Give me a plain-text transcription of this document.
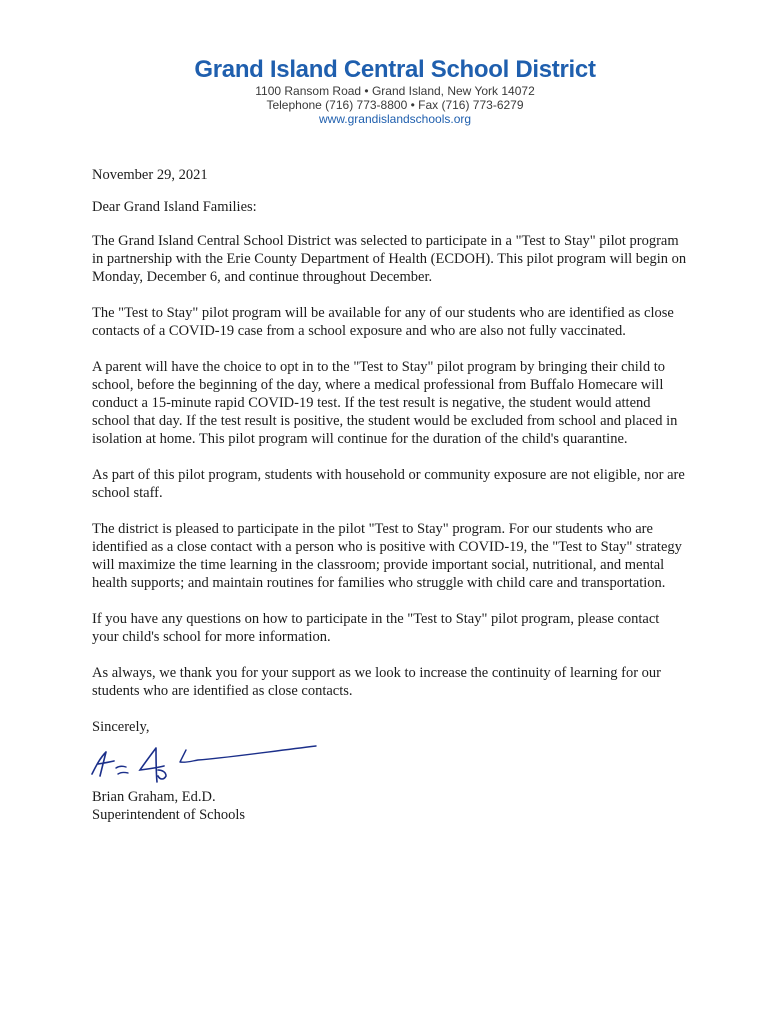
Grand Island Central School District
1100 Ransom Road • Grand Island, New York 14072
Telephone (716) 773-8800 • Fax (716) 773-6279
www.grandislandschools.org

November 29, 2021

Dear Grand Island Families:

The Grand Island Central School District was selected to participate in a "Test to Stay" pilot program in partnership with the Erie County Department of Health (ECDOH). This pilot program will begin on Monday, December 6, and continue throughout December.

The "Test to Stay" pilot program will be available for any of our students who are identified as close contacts of a COVID-19 case from a school exposure and who are also not fully vaccinated.

A parent will have the choice to opt in to the "Test to Stay" pilot program by bringing their child to school, before the beginning of the day, where a medical professional from Buffalo Homecare will conduct a 15-minute rapid COVID-19 test. If the test result is negative, the student would attend school that day. If the test result is positive, the student would be excluded from school and placed in isolation at home. This pilot program will continue for the duration of the child's quarantine.

As part of this pilot program, students with household or community exposure are not eligible, nor are school staff.

The district is pleased to participate in the pilot "Test to Stay" program. For our students who are identified as a close contact with a person who is positive with COVID-19, the "Test to Stay" strategy will maximize the time learning in the classroom; provide important social, nutritional, and mental health supports; and maintain routines for families who struggle with child care and transportation.

If you have any questions on how to participate in the "Test to Stay" pilot program, please contact your child's school for more information.

As always, we thank you for your support as we look to increase the continuity of learning for our students who are identified as close contacts.

Sincerely,

Brian Graham, Ed.D.

Superintendent of Schools
